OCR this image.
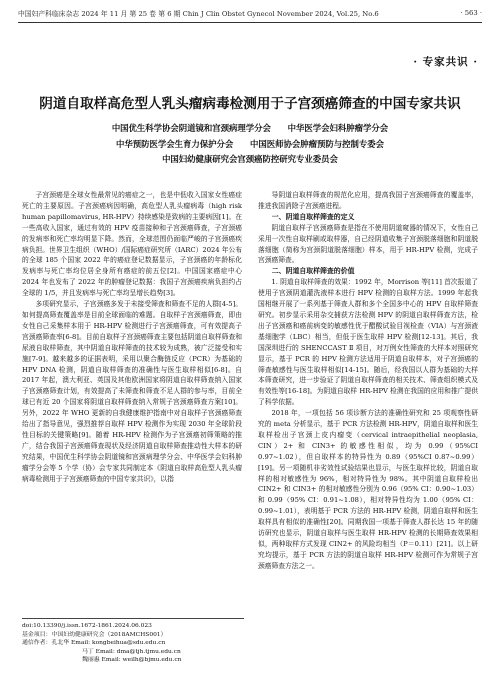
中国妇产科临床杂志 2024 年 11 月 第 25 卷 第 6 期 Chin J Clin Obstet Gynecol November 2024, Vol.25, No.6	· 563 ·
· 专家共识 ·
阴道自取样高危型人乳头瘤病毒检测用于子宫颈癌筛查的中国专家共识
中国优生科学协会阴道镜和宫颈病理学分会　　中华医学会妇科肿瘤学分会
中华预防医学会生育力保护分会　　中国医师协会肿瘤预防与控制专委会
中国妇幼健康研究会宫颈癌防控研究专业委员会

子宫颈癌是全球女性最常见的癌症之一，也是中低收入国家女性癌症死亡的主要原因。子宫颈癌病因明确，高危型人乳头瘤病毒（high risk human papillomavirus, HR-HPV）持续感染是致病的主要病因[1]。在一些高收入国家，通过有效的 HPV 疫苗接种和子宫颈癌筛查，子宫颈癌的发病率和死亡率均明显下降。然而，全球范围仍面临严峻的子宫颈癌疾病负担。世界卫生组织（WHO）/国际癌症研究所（IARC）2024 年公布的全球 185 个国家 2022 年的癌症登记数据显示，子宫颈癌的年龄标化发病率与死亡率均位居全身所有癌症的前五位[2]。中国国家癌症中心 2024 年也发布了 2022 年的肿瘤登记数据：我国子宫颈癌疾病负担约占全球的 1/5，并且发病率与死亡率均呈增长趋势[3]。

多项研究显示，子宫颈癌多发于未接受筛查和筛查不足的人群[4-5]。如何提高筛查覆盖率是目前全球面临的难题。自取样子宫颈癌筛查，即由女性自己采集样本用于 HR-HPV 检测进行子宫颈癌筛查，可有效提高子宫颈癌筛查率[6-8]。目前自取样子宫颈癌筛查主要包括阴道自取样筛查和尿液自取样筛查，其中阴道自取样筛查的技术较为成熟，被广泛接受和实施[7-9]。越来越多的证据表明，采用以聚合酶链反应（PCR）为基础的 HPV DNA 检测，阴道自取样筛查的准确性与医生取样相似[6-8]。自 2017 年起，澳大利亚、英国及其他欧洲国家将阴道自取样筛查纳入国家子宫颈癌筛查计划，有效提高了未筛查和筛查不足人群的参与率，目前全球已有近 20 个国家将阴道自取样筛查纳入常规子宫颈癌筛查方案[10]。另外，2022 年 WHO 更新的自我健康维护指南中对自取样子宫颈癌筛查给出了指导意见，强烈推荐自取样 HPV 检测作为实现 2030 年全球阶段性目标的关键策略[9]。随着 HR-HPV 检测作为子宫颈癌初筛策略的推广，结合我国子宫颈癌筛查现状及经济阴道自取样筛查推动性大样本的研究结果，中国优生科学协会阴道镜和宫颈病理学分会、中华医学会妇科肿瘤学分会等 5 个学（协）会专家共同制定本《阴道自取样高危型人乳头瘤病毒检测用于子宫颈癌筛查的中国专家共识》，以指

导阴道自取样筛查的规范化应用，提高我国子宫颈癌筛查的覆盖率，推进我国消除子宫颈癌进程。

一、阴道自取样筛查的定义

阴道自取样子宫颈癌筛查是指在不使用阴道窥器的情况下，女性自己采用一次性自取样刷或取样器，自己经阴道收集子宫颈脱落细胞和阴道脱落细胞（简称为宫颈阴道脱落细胞）样本，用于 HR-HPV 检测，完成子宫颈癌筛查。

二、阴道自取样筛查的价值

1. 阴道自取样筛查的效果：1992 年，Morrison 等[11] 首次报道了使用子宫颈阴道灌洗液样本进行 HPV 检测的自取样方法。1999 年起我国相继开展了一系列基于筛查人群和多个全国多中心的 HPV 自取样筛查研究。初步显示采用杂交捕获方法检测 HPV 的阴道自取样筛查方法，检出子宫颈癌和癌前病变的敏感性优于醋酸试验目视检查（VIA）与宫颈液基细胞学（LBC）相当，但低于医生取样 HPV 检测[12-13]。其后，我国深圳进行的 SHENCCAST Ⅱ 项目，对万例女性筛查的大样本对照研究显示，基于 PCR 的 HPV 检测方法适用于阴道自取样本，对子宫颈癌的筛查敏感性与医生取样相似[14-15]。随后，经我国以人群为基础的大样本筛查研究，进一步验证了阴道自取样筛查的相关技术、筛查组织模式及有效性等[16-18]。为阴道自取样 HR-HPV 检测在我国的应用和推广提供了科学依据。

2018 年，一项包括 56 项诊断方法的准确性研究和 25 项观察性研究的 meta 分析显示，基于 PCR 方法检测 HR-HPV，阴道自取样和医生取样检出子宫颈上皮内瘤变（cervical intraepithelial neoplasia, CIN）2+ 和 CIN3+ 的敏感性相似，均为 0.99（95%CI 0.97~1.02），但自取样本的特异性为 0.89（95%CI 0.87~0.99）[19]。另一项随机非劣效性试验结果也显示，与医生取样比较，阴道自取样的相对敏感性为 96%，相对特异性为 98%。其中阴道自取样检出 CIN2+ 和 CIN3+ 的相对敏感性分别为 0.96（95% CI：0.90~1.03）和 0.99（95% CI：0.91~1.08），相对特异性均为 1.00（95% CI：0.99~1.01），表明基于 PCR 方法的 HR-HPV 检测，阴道自取样和医生取样具有相似的准确性[20]。同期我国一项基于筛查人群长达 15 年的随访研究也显示，阴道自取样与医生取样 HR-HPV 检测的长期筛查效果相似，两种取样方式发现 CIN2+ 的风险均相当（P＝0.11）[21]。以上研究均提示，基于 PCR 方法的阴道自取样 HR-HPV 检测可作为常规子宫颈癌筛查方法之一。

doi:10.13390/j.issn.1672-1861.2024.06.023
基金项目：中国妇幼健康研究会（2018AMCHS001）
通信作者：孔北华 Email: kongbeihua@sdu.edu.cn
马丁 Email: dma@tjh.tjmu.edu.cn
魏丽惠 Email: weilh@bjmu.edu.cn
